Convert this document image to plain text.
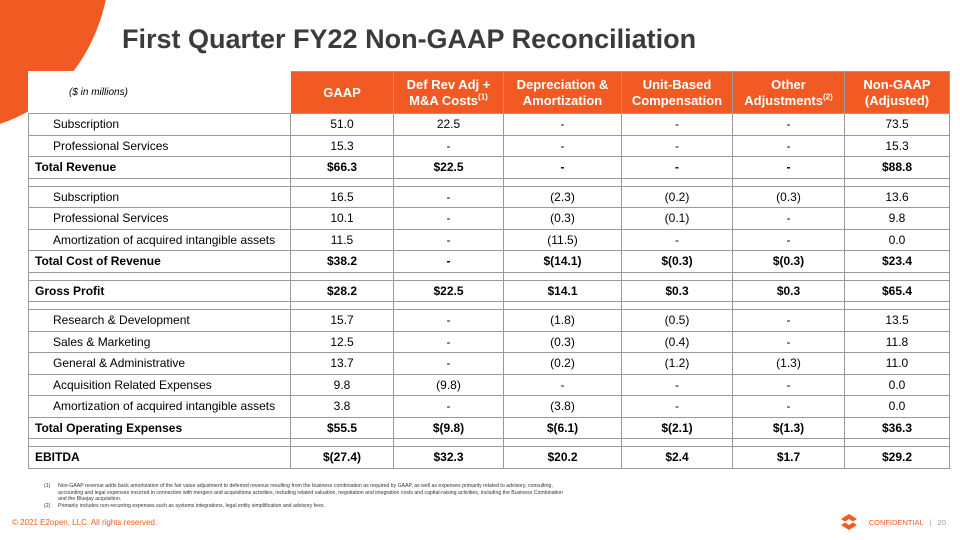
First Quarter FY22 Non-GAAP Reconciliation
($ in millions)	GAAP	Def Rev Adj + M&A Costs$^{(1)}$	Depreciation & Amortization	Unit-Based Compensation	Other Adjustments$^{(2)}$	Non-GAAP (Adjusted)
Subscription	51.0	22.5	-	-	-	73.5
Professional Services	15.3	-	-	-	-	15.3
Total Revenue	$66.3	$22.5	-	-	-	$88.8

Subscription	16.5	-	(2.3)	(0.2)	(0.3)	13.6
Professional Services	10.1	-	(0.3)	(0.1)	-	9.8
Amortization of acquired intangible assets	11.5	-	(11.5)	-	-	0.0
Total Cost of Revenue	$38.2	-	$(14.1)	$(0.3)	$(0.3)	$23.4

Gross Profit	$28.2	$22.5	$14.1	$0.3	$0.3	$65.4

Research & Development	15.7	-	(1.8)	(0.5)	-	13.5
Sales & Marketing	12.5	-	(0.3)	(0.4)	-	11.8
General & Administrative	13.7	-	(0.2)	(1.2)	(1.3)	11.0
Acquisition Related Expenses	9.8	(9.8)	-	-	-	0.0
Amortization of acquired intangible assets	3.8	-	(3.8)	-	-	0.0
Total Operating Expenses	$55.5	$(9.8)	$(6.1)	$(2.1)	$(1.3)	$36.3

EBITDA	$(27.4)	$32.3	$20.2	$2.4	$1.7	$29.2
(1)	Non-GAAP revenue adds back amortization of the fair value adjustment to deferred revenue resulting from the business combination as required by GAAP, as well as expenses primarily related to advisory, consulting, accounting and legal expenses incurred in connection with mergers and acquisitions activities, including related valuation, negotiation and integration costs and capital-raising activities, including the Business Combination and the Bluejay acquisition.
(2)	Primarily includes non-recurring expenses such as systems integrations, legal entity simplification and advisory fees.
© 2021 E2open, LLC. All rights reserved.	CONFIDENTIAL | 20
